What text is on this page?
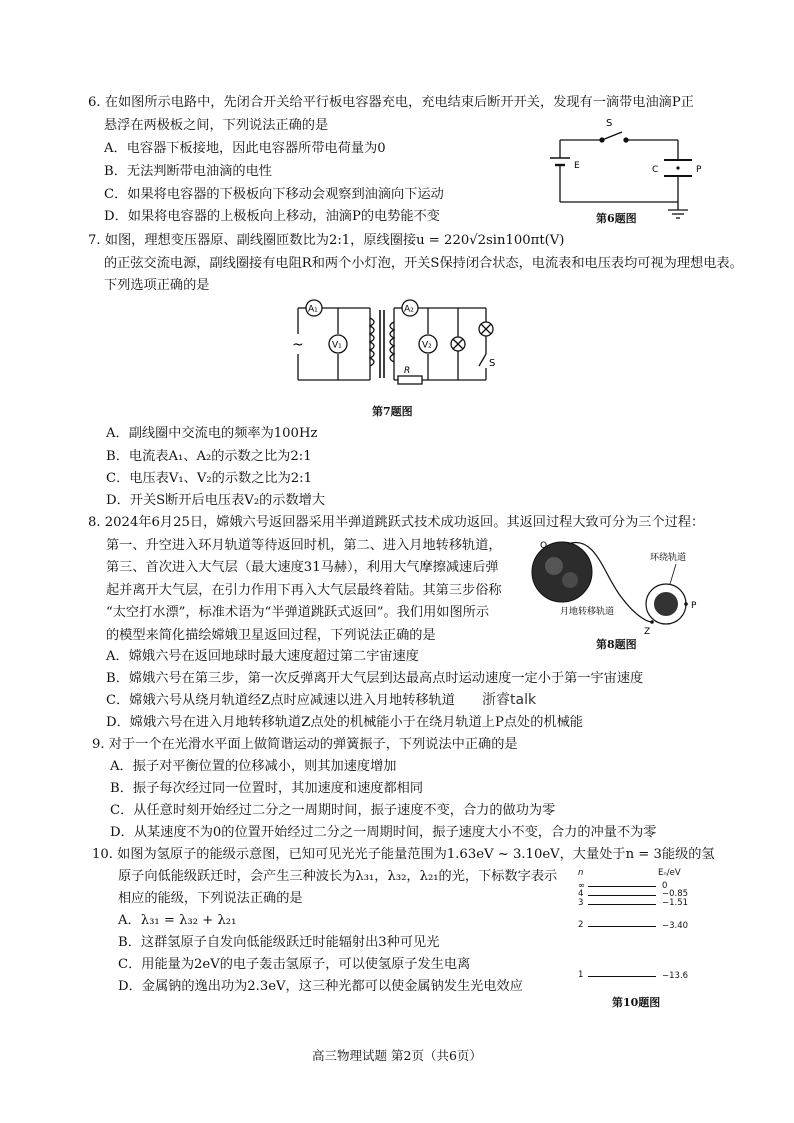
6. 在如图所示电路中，先闭合开关给平行板电容器充电，充电结束后断开开关，发现有一滴带电油滴P正
悬浮在两极板之间，下列说法正确的是
A．电容器下板接地，因此电容器所带电荷量为0
B．无法判断带电油滴的电性
C．如果将电容器的下极板向下移动会观察到油滴向下运动
D．如果将电容器的上极板向上移动，油滴P的电势能不变
S
E	C	P
第6题图
7. 如图，理想变压器原、副线圈匝数比为2:1，原线圈接u = 220√2sin100πt(V)
的正弦交流电源，副线圈接有电阻R和两个小灯泡，开关S保持闭合状态，电流表和电压表均可视为理想电表。
下列选项正确的是
~
A₁
V₁
A₂
V₂
R
S
第7题图
A．副线圈中交流电的频率为100Hz
B．电流表A₁、A₂的示数之比为2:1
C．电压表V₁、V₂的示数之比为2:1
D．开关S断开后电压表V₂的示数增大
8. 2024年6月25日，嫦娥六号返回器采用半弹道跳跃式技术成功返回。其返回过程大致可分为三个过程：
第一、升空进入环月轨道等待返回时机，第二、进入月地转移轨道，
第三、首次进入大气层（最大速度31马赫），利用大气摩擦减速后弹
起并离开大气层，在引力作用下再入大气层最终着陆。其第三步俗称
“太空打水漂”，标准术语为“半弹道跳跃式返回”。我们用如图所示
的模型来简化描绘嫦娥卫星返回过程，下列说法正确的是
O
环绕轨道
月地转移轨道
Z
P
第8题图
A．嫦娥六号在返回地球时最大速度超过第二宇宙速度
B．嫦娥六号在第三步，第一次反弹离开大气层到达最高点时运动速度一定小于第一宇宙速度
C．嫦娥六号从绕月轨道经Z点时应减速以进入月地转移轨道 浙睿talk
D．嫦娥六号在进入月地转移轨道Z点处的机械能小于在绕月轨道上P点处的机械能
9. 对于一个在光滑水平面上做简谐运动的弹簧振子，下列说法中正确的是
A．振子对平衡位置的位移减小，则其加速度增加
B．振子每次经过同一位置时，其加速度和速度都相同
C．从任意时刻开始经过二分之一周期时间，振子速度不变，合力的做功为零
D．从某速度不为0的位置开始经过二分之一周期时间，振子速度大小不变，合力的冲量不为零
10. 如图为氢原子的能级示意图，已知可见光光子能量范围为1.63eV ~ 3.10eV，大量处于n = 3能级的氢
原子向低能级跃迁时，会产生三种波长为λ₃₁，λ₃₂，λ₂₁的光，下标数字表示
相应的能级，下列说法正确的是
A．λ₃₁ = λ₃₂ + λ₂₁
B．这群氢原子自发向低能级跃迁时能辐射出3种可见光
C．用能量为2eV的电子轰击氢原子，可以使氢原子发生电离
D．金属钠的逸出功为2.3eV，这三种光都可以使金属钠发生光电效应
n	Eₙ/eV
∞	0
4	−0.85
3	−1.51
2	−3.40
1	−13.6
第10题图
高三物理试题 第2页（共6页）
